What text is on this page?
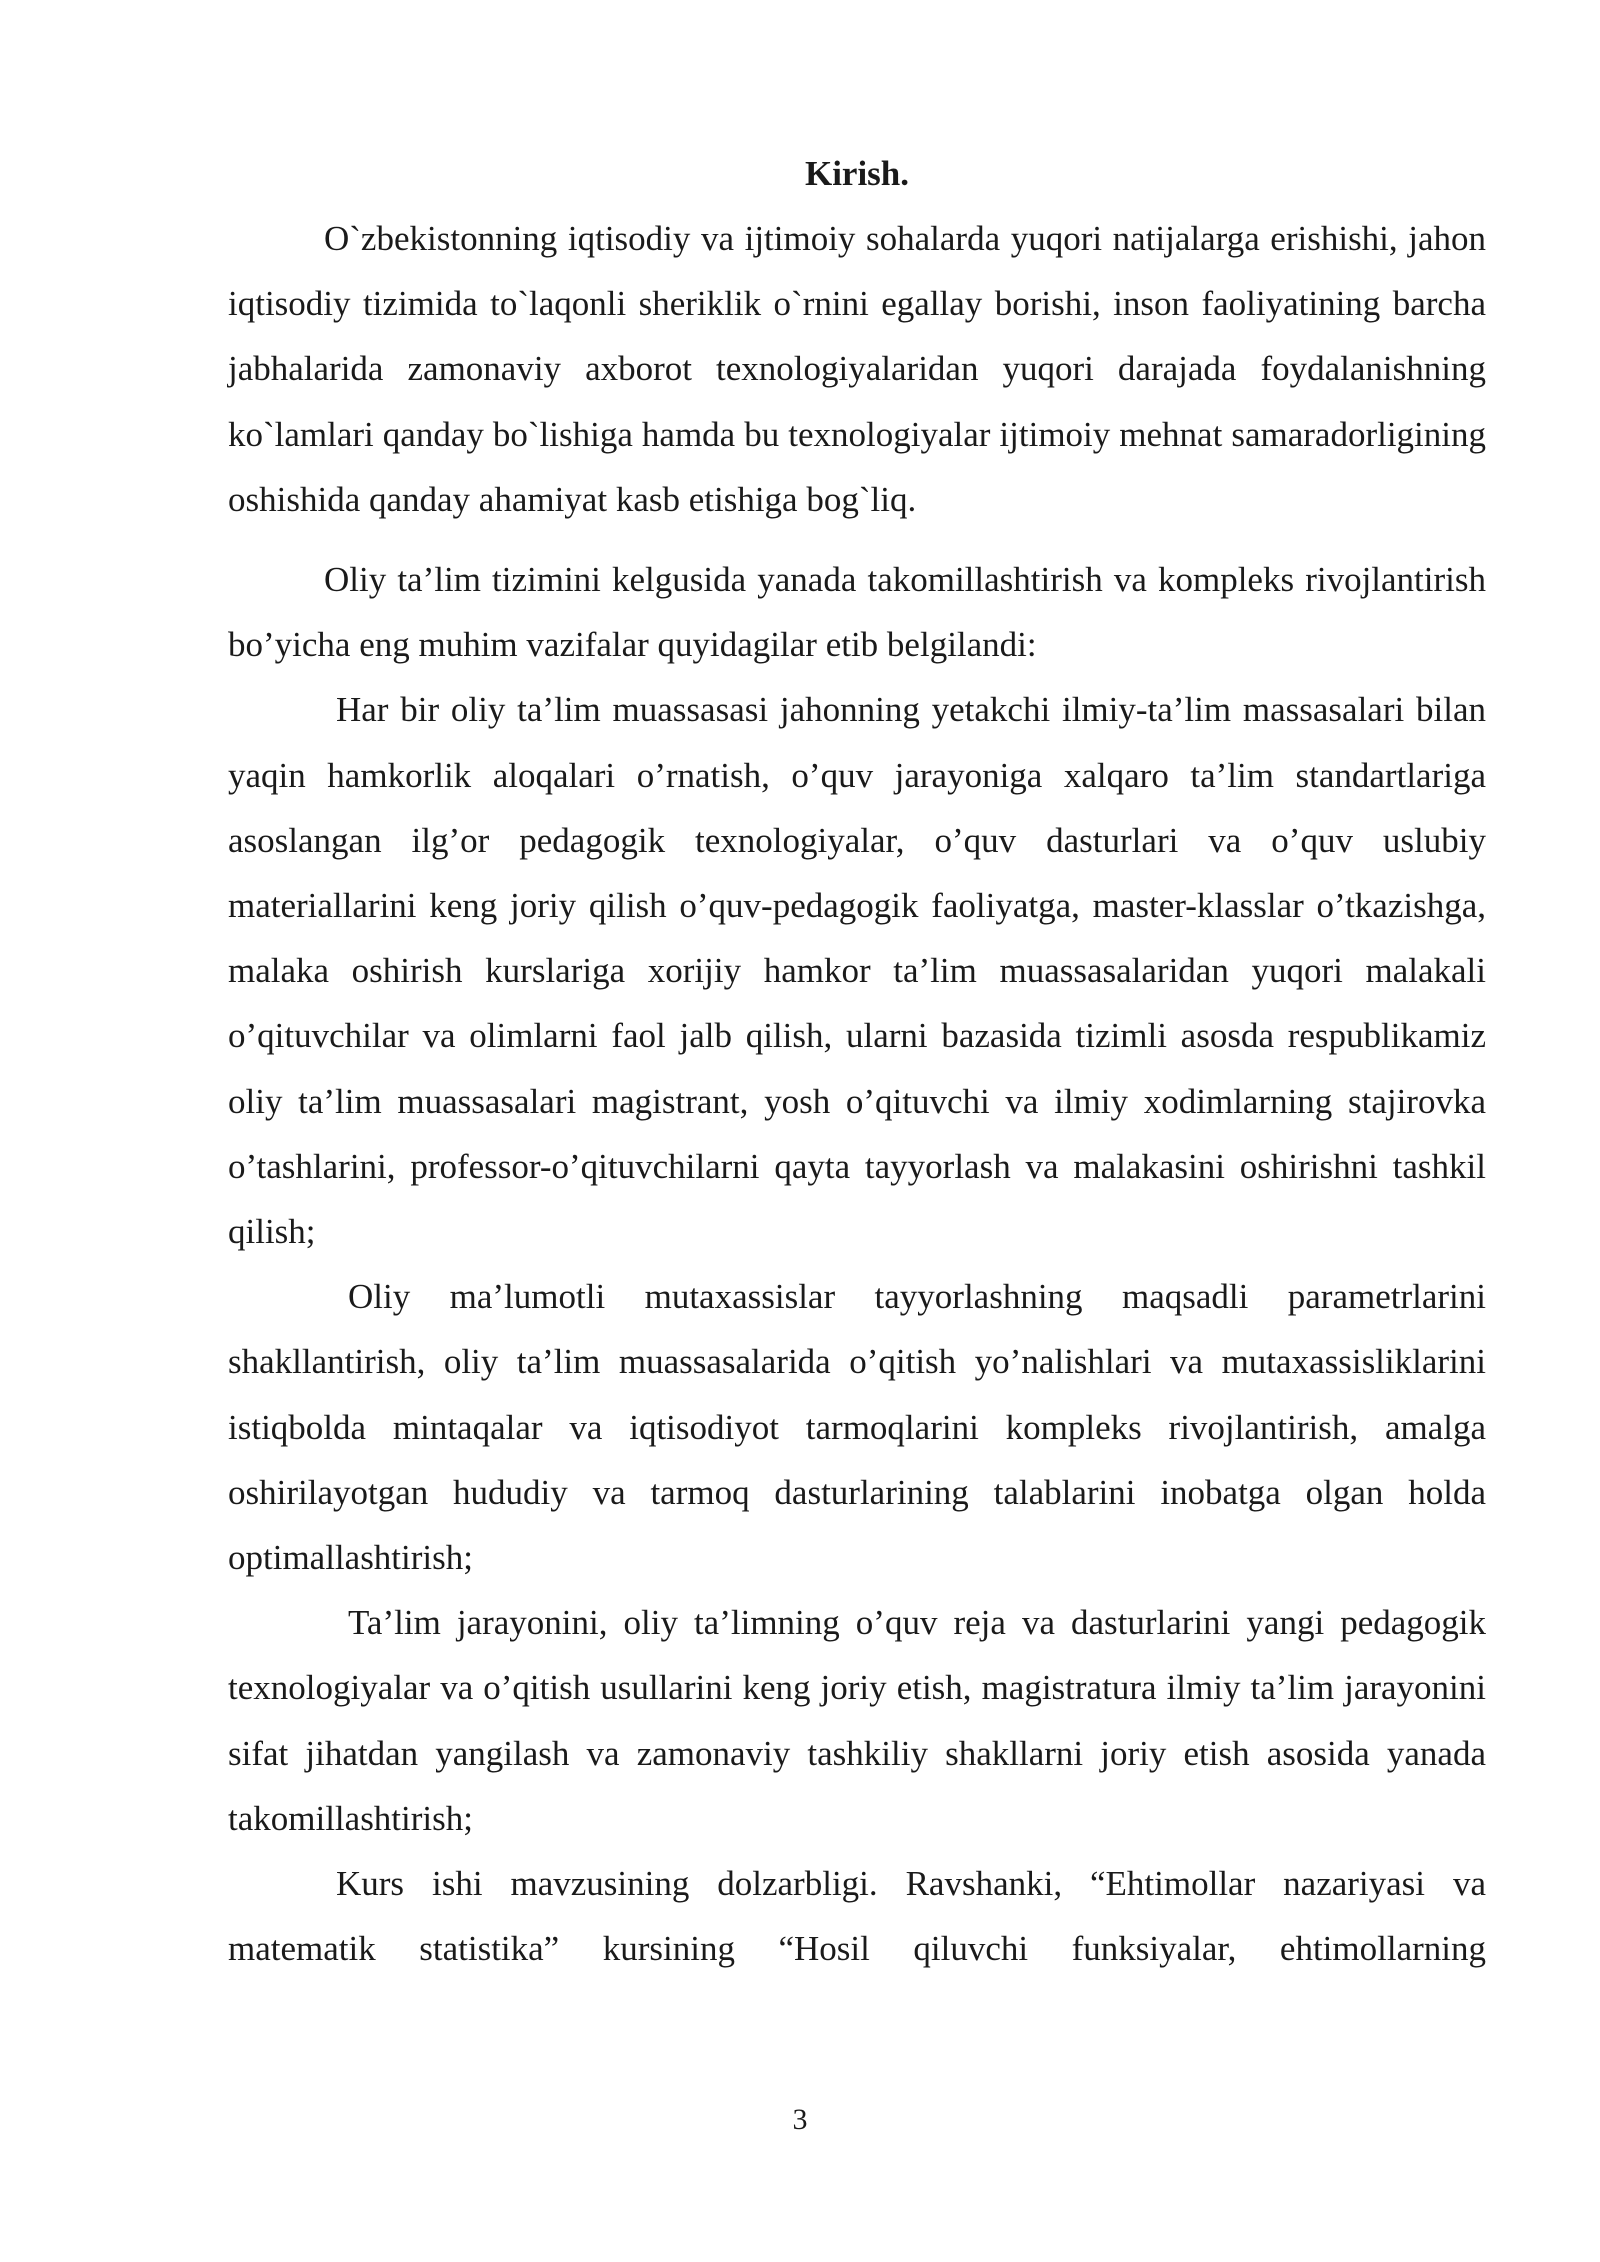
Kirish.

O`zbekistonning iqtisodiy va ijtimoiy sohalarda yuqori natijalarga erishishi, jahon iqtisodiy tizimida to`laqonli sheriklik o`rnini egallay borishi, inson faoliyatining barcha jabhalarida zamonaviy axborot texnologiyalaridan yuqori darajada foydalanishning ko`lamlari qanday bo`lishiga hamda bu texnologiyalar ijtimoiy mehnat samaradorligining oshishida qanday ahamiyat kasb etishiga bog`liq.

Oliy ta’lim tizimini kelgusida yanada takomillashtirish va kompleks rivojlantirish bo’yicha eng muhim vazifalar quyidagilar etib belgilandi:

Har bir oliy ta’lim muassasasi jahonning yetakchi ilmiy-ta’lim massasalari bilan yaqin hamkorlik aloqalari o’rnatish, o’quv jarayoniga xalqaro ta’lim standartlariga asoslangan ilg’or pedagogik texnologiyalar, o’quv dasturlari va o’quv uslubiy materiallarini keng joriy qilish o’quv-pedagogik faoliyatga, master-klasslar o’tkazishga, malaka oshirish kurslariga xorijiy hamkor ta’lim muassasalaridan yuqori malakali o’qituvchilar va olimlarni faol jalb qilish, ularni bazasida tizimli asosda respublikamiz oliy ta’lim muassasalari magistrant, yosh o’qituvchi va ilmiy xodimlarning stajirovka o’tashlarini, professor-o’qituvchilarni qayta tayyorlash va malakasini oshirishni tashkil qilish;

Oliy ma’lumotli mutaxassislar tayyorlashning maqsadli parametrlarini shakllantirish, oliy ta’lim muassasalarida o’qitish yo’nalishlari va mutaxassisliklarini istiqbolda mintaqalar va iqtisodiyot tarmoqlarini kompleks rivojlantirish, amalga oshirilayotgan hududiy va tarmoq dasturlarining talablarini inobatga olgan holda optimallashtirish;

Ta’lim jarayonini, oliy ta’limning o’quv reja va dasturlarini yangi pedagogik texnologiyalar va o’qitish usullarini keng joriy etish, magistratura ilmiy ta’lim jarayonini sifat jihatdan yangilash va zamonaviy tashkiliy shakllarni joriy etish asosida yanada takomillashtirish;

Kurs ishi mavzusining dolzarbligi. Ravshanki, “Ehtimollar nazariyasi va matematik statistika” kursining “Hosil qiluvchi funksiyalar, ehtimollarning

3
